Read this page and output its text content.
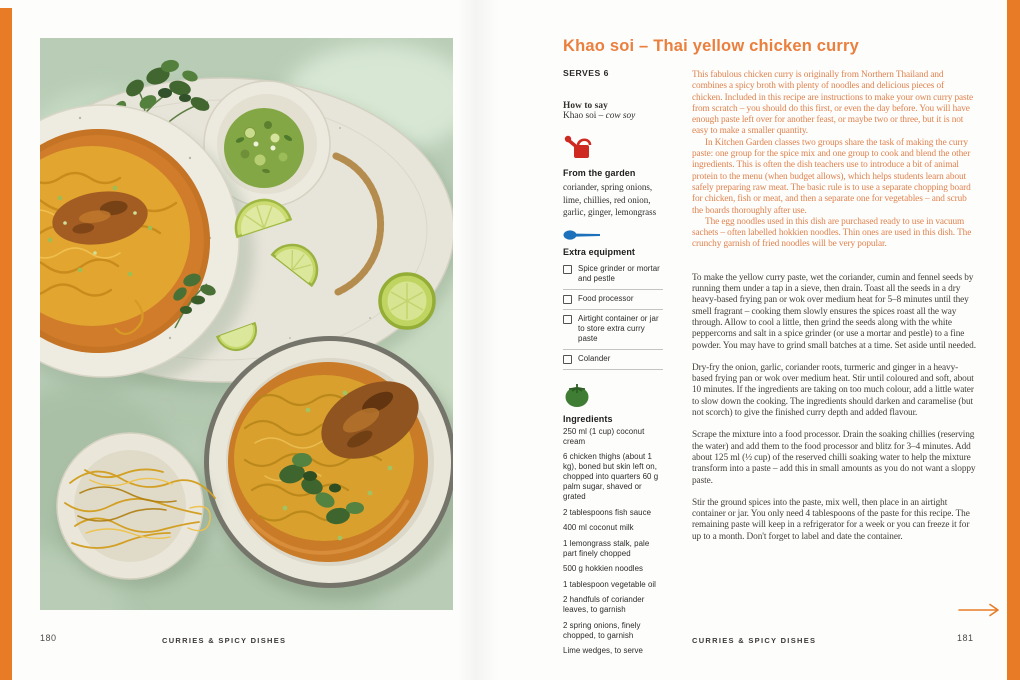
180	CURRIES & SPICY DISHES
Khao soi – Thai yellow chicken curry

SERVES 6

How to say

Khao soi – cow soy

From the garden

coriander, spring onions, lime, chillies, red onion, garlic, ginger, lemongrass

Extra equipment

Spice grinder or mortar and pestle
Food processor
Airtight container or jar to store extra curry paste
Colander

Ingredients

250 ml (1 cup) coconut cream

6 chicken thighs (about 1 kg), boned but skin left on, chopped into quarters 60 g palm sugar, shaved or grated

2 tablespoons fish sauce

400 ml coconut milk

1 lemongrass stalk, pale part finely chopped

500 g hokkien noodles

1 tablespoon vegetable oil

2 handfuls of coriander leaves, to garnish

2 spring onions, finely chopped, to garnish

Lime wedges, to serve

This fabulous chicken curry is originally from Northern Thailand and combines a spicy broth with plenty of noodles and delicious pieces of chicken. Included in this recipe are instructions to make your own curry paste from scratch – you should do this first, or even the day before. You will have enough paste left over for another feast, or maybe two or three, but it is not easy to make a smaller quantity.

In Kitchen Garden classes two groups share the task of making the curry paste: one group for the spice mix and one group to cook and blend the other ingredients. This is often the dish teachers use to introduce a bit of animal protein to the menu (when budget allows), which helps students learn about safely preparing raw meat. The basic rule is to use a separate chopping board for chicken, fish or meat, and then a separate one for vegetables – and scrub the boards thoroughly after use.

The egg noodles used in this dish are purchased ready to use in vacuum sachets – often labelled hokkien noodles. Thin ones are used in this dish. The crunchy garnish of fried noodles will be very popular.

To make the yellow curry paste, wet the coriander, cumin and fennel seeds by running them under a tap in a sieve, then drain. Toast all the seeds in a dry heavy-based frying pan or wok over medium heat for 5–8 minutes until they smell fragrant – cooking them slowly ensures the spices roast all the way through. Allow to cool a little, then grind the seeds along with the white peppercorns and salt in a spice grinder (or use a mortar and pestle) to a fine powder. You may have to grind small batches at a time. Set aside until needed.

Dry-fry the onion, garlic, coriander roots, turmeric and ginger in a heavy-based frying pan or wok over medium heat. Stir until coloured and soft, about 10 minutes. If the ingredients are taking on too much colour, add a little water to slow down the cooking. The ingredients should darken and caramelise (but not scorch) to give the finished curry depth and added flavour.

Scrape the mixture into a food processor. Drain the soaking chillies (reserving the water) and add them to the food processor and blitz for 3–4 minutes. Add about 125 ml (½ cup) of the reserved chilli soaking water to help the mixture transform into a paste – add this in small amounts as you do not want a sloppy paste.

Stir the ground spices into the paste, mix well, then place in an airtight container or jar. You only need 4 tablespoons of the paste for this recipe. The remaining paste will keep in a refrigerator for a week or you can freeze it for up to a month. Don't forget to label and date the container.

CURRIES & SPICY DISHES	181
